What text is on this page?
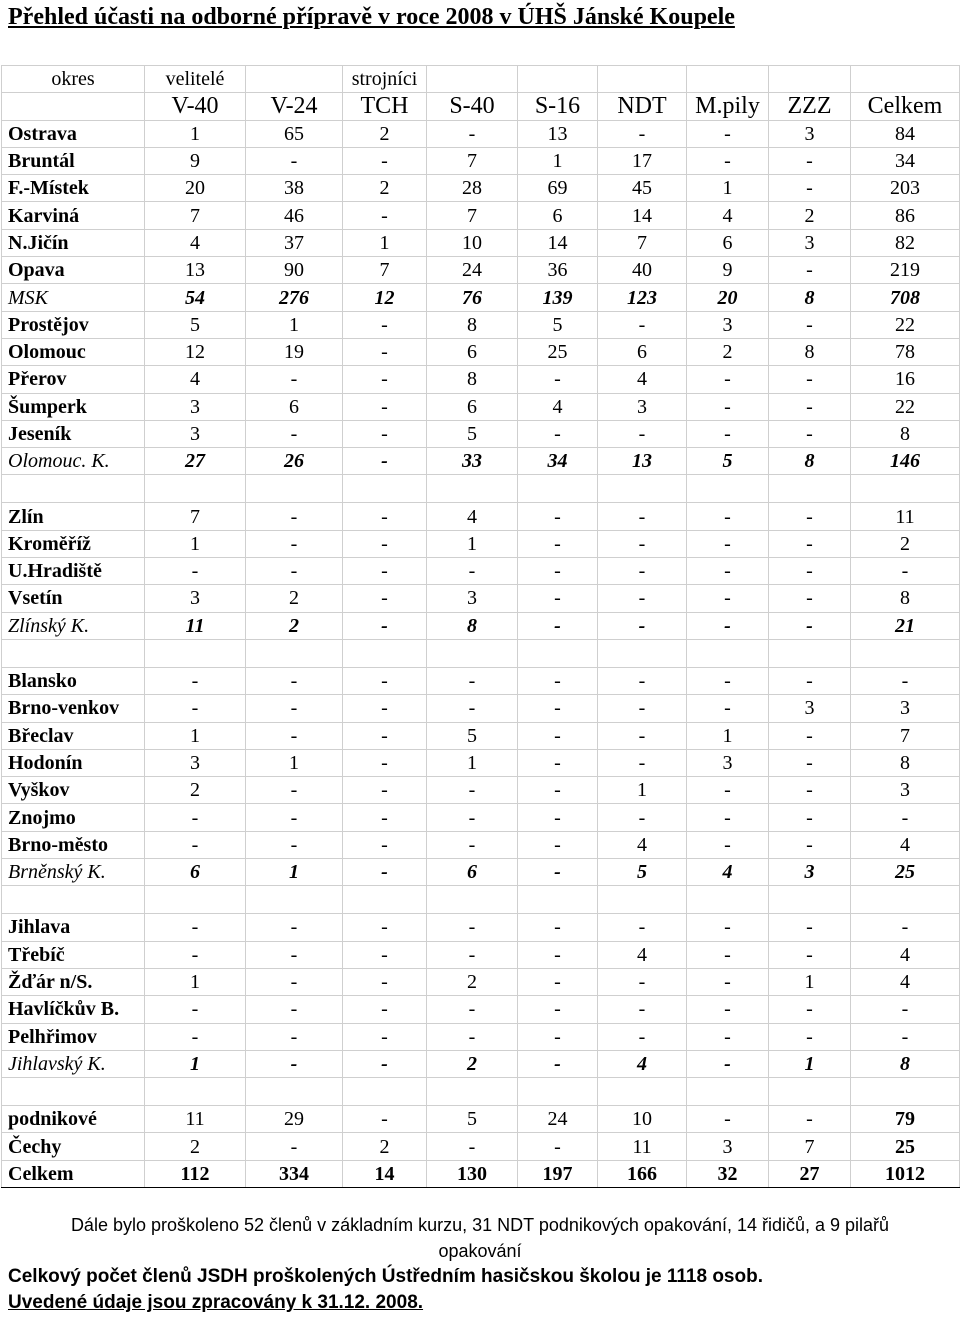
Přehled účasti na odborné přípravě v roce 2008 v ÚHŠ Jánské Koupele
okres	velitelé		strojníci						
	V-40	V-24	TCH	S-40	S-16	NDT	M.pily	ZZZ	Celkem
Ostrava	1	65	2	-	13	-	-	3	84
Bruntál	9	-	-	7	1	17	-	-	34
F.-Místek	20	38	2	28	69	45	1	-	203
Karviná	7	46	-	7	6	14	4	2	86
N.Jičín	4	37	1	10	14	7	6	3	82
Opava	13	90	7	24	36	40	9	-	219
MSK	54	276	12	76	139	123	20	8	708
Prostějov	5	1	-	8	5	-	3	-	22
Olomouc	12	19	-	6	25	6	2	8	78
Přerov	4	-	-	8	-	4	-	-	16
Šumperk	3	6	-	6	4	3	-	-	22
Jeseník	3	-	-	5	-	-	-	-	8
Olomouc. K.	27	26	-	33	34	13	5	8	146

Zlín	7	-	-	4	-	-	-	-	11
Kroměříž	1	-	-	1	-	-	-	-	2
U.Hradiště	-	-	-	-	-	-	-	-	-
Vsetín	3	2	-	3	-	-	-	-	8
Zlínský K.	11	2	-	8	-	-	-	-	21

Blansko	-	-	-	-	-	-	-	-	-
Brno-venkov	-	-	-	-	-	-	-	3	3
Břeclav	1	-	-	5	-	-	1	-	7
Hodonín	3	1	-	1	-	-	3	-	8
Vyškov	2	-	-	-	-	1	-	-	3
Znojmo	-	-	-	-	-	-	-	-	-
Brno-město	-	-	-	-	-	4	-	-	4
Brněnský K.	6	1	-	6	-	5	4	3	25

Jihlava	-	-	-	-	-	-	-	-	-
Třebíč	-	-	-	-	-	4	-	-	4
Žďár n/S.	1	-	-	2	-	-	-	1	4
Havlíčkův B.	-	-	-	-	-	-	-	-	-
Pelhřimov	-	-	-	-	-	-	-	-	-
Jihlavský K.	1	-	-	2	-	4	-	1	8

podnikové	11	29	-	5	24	10	-	-	79
Čechy	2	-	2	-	-	11	3	7	25
Celkem	112	334	14	130	197	166	32	27	1012
Dále bylo proškoleno 52 členů v základním kurzu, 31 NDT podnikových opakování, 14 řidičů, a 9 pilařů opakování
Celkový počet členů JSDH proškolených Ústředním hasičskou školou je 1118 osob.
Uvedené údaje jsou zpracovány k 31.12. 2008.
